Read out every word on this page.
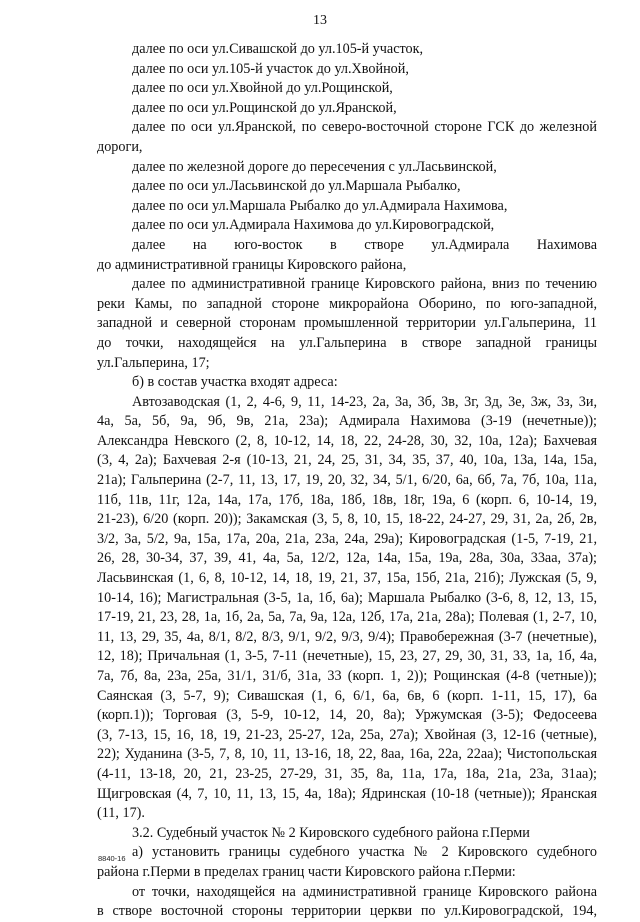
13
далее по оси ул.Сивашской до ул.105-й участок,
далее по оси ул.105-й участок до ул.Хвойной,
далее по оси ул.Хвойной до ул.Рощинской,
далее по оси ул.Рощинской до ул.Яранской,
далее по оси ул.Яранской, по северо-восточной стороне ГСК до железной
дороги,
далее по железной дороге до пересечения с ул.Ласьвинской,
далее по оси ул.Ласьвинской до ул.Маршала Рыбалко,
далее по оси ул.Маршала Рыбалко до ул.Адмирала Нахимова,
далее по оси ул.Адмирала Нахимова до ул.Кировоградской,
далее на юго-восток в створе ул.Адмирала Нахимова
до административной границы Кировского района,
далее по административной границе Кировского района, вниз по течению
реки Камы, по западной стороне микрорайона Оборино, по юго-западной,
западной и северной сторонам промышленной территории ул.Гальперина, 11
до точки, находящейся на ул.Гальперина в створе западной границы
ул.Гальперина, 17;
б) в состав участка входят адреса:
Автозаводская (1, 2, 4-6, 9, 11, 14-23, 2а, 3а, 3б, 3в, 3г, 3д, 3е, 3ж, 3з, 3и,
4а, 5а, 5б, 9а, 9б, 9в, 21а, 23а); Адмирала Нахимова (3-19 (нечетные));
Александра Невского (2, 8, 10-12, 14, 18, 22, 24-28, 30, 32, 10а, 12а); Бахчевая
(3, 4, 2а); Бахчевая 2-я (10-13, 21, 24, 25, 31, 34, 35, 37, 40, 10а, 13а, 14а, 15а,
21а); Гальперина (2-7, 11, 13, 17, 19, 20, 32, 34, 5/1, 6/20, 6а, 6б, 7а, 7б, 10а, 11а,
11б, 11в, 11г, 12а, 14а, 17а, 17б, 18а, 18б, 18в, 18г, 19а, 6 (корп. 6, 10-14, 19,
21-23), 6/20 (корп. 20)); Закамская (3, 5, 8, 10, 15, 18-22, 24-27, 29, 31, 2а, 2б, 2в,
3/2, 3а, 5/2, 9а, 15а, 17а, 20а, 21а, 23а, 24а, 29а); Кировоградская (1-5, 7-19, 21,
26, 28, 30-34, 37, 39, 41, 4а, 5а, 12/2, 12а, 14а, 15а, 19а, 28а, 30а, 33аа, 37а);
Ласьвинская (1, 6, 8, 10-12, 14, 18, 19, 21, 37, 15а, 15б, 21а, 21б); Лужская (5, 9,
10-14, 16); Магистральная (3-5, 1а, 1б, 6а); Маршала Рыбалко (3-6, 8, 12, 13, 15,
17-19, 21, 23, 28, 1а, 1б, 2а, 5а, 7а, 9а, 12а, 12б, 17а, 21а, 28а); Полевая (1, 2-7, 10,
11, 13, 29, 35, 4а, 8/1, 8/2, 8/3, 9/1, 9/2, 9/3, 9/4); Правобережная (3-7 (нечетные),
12, 18); Причальная (1, 3-5, 7-11 (нечетные), 15, 23, 27, 29, 30, 31, 33, 1а, 1б, 4а,
7а, 7б, 8а, 23а, 25а, 31/1, 31/б, 31а, 33 (корп. 1, 2)); Рощинская (4-8 (четные));
Саянская (3, 5-7, 9); Сивашская (1, 6, 6/1, 6а, 6в, 6 (корп. 1-11, 15, 17), 6а
(корп.1)); Торговая (3, 5-9, 10-12, 14, 20, 8а); Уржумская (3-5); Федосеева
(3, 7-13, 15, 16, 18, 19, 21-23, 25-27, 12а, 25а, 27а); Хвойная (3, 12-16 (четные),
22); Худанина (3-5, 7, 8, 10, 11, 13-16, 18, 22, 8аа, 16а, 22а, 22аа); Чистопольская
(4-11, 13-18, 20, 21, 23-25, 27-29, 31, 35, 8а, 11а, 17а, 18а, 21а, 23а, 31аа);
Щигровская (4, 7, 10, 11, 13, 15, 4а, 18а); Ядринская (10-18 (четные)); Яранская
(11, 17).
3.2. Судебный участок № 2 Кировского судебного района г.Перми
а) установить границы судебного участка № 2 Кировского судебного
района г.Перми в пределах границ части Кировского района г.Перми:
от точки, находящейся на административной границе Кировского района
в створе восточной стороны территории церкви по ул.Кировоградской, 194,
8840-16
